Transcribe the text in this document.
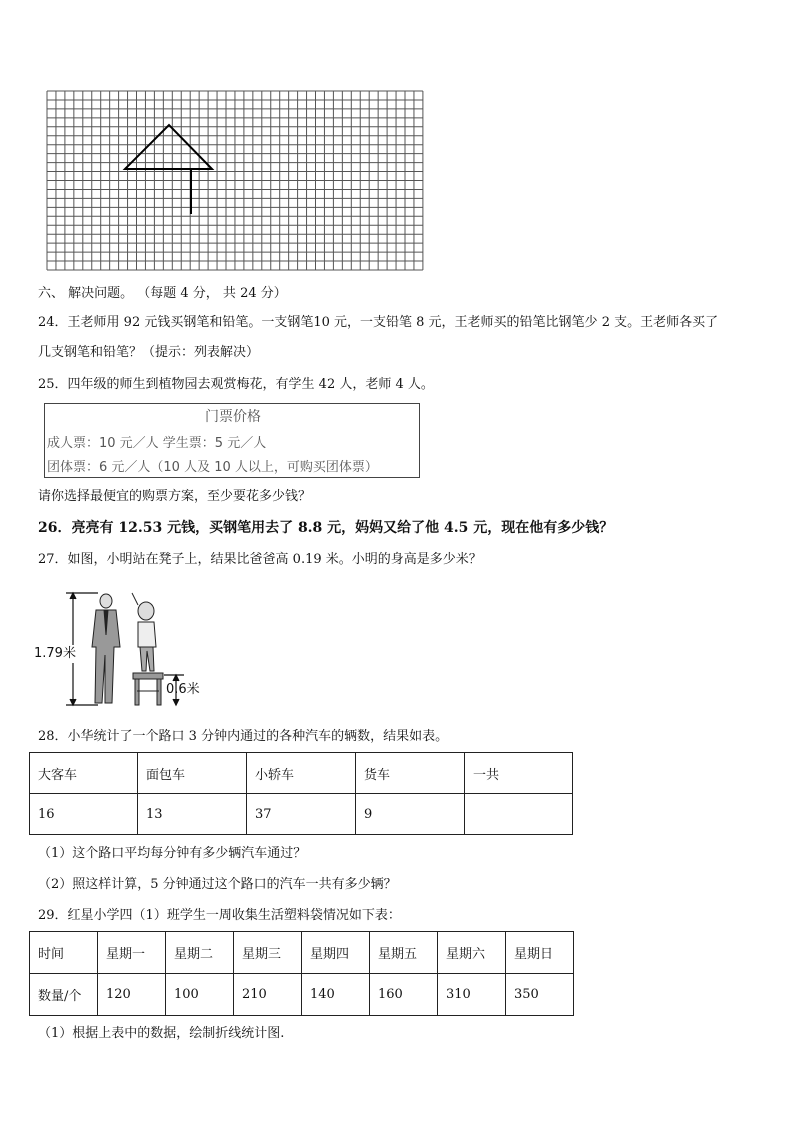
六、 解决问题。 （每题 4 分， 共 24 分）
24．王老师用 92 元钱买钢笔和铅笔。一支钢笔10 元，一支铅笔 8 元，王老师买的铅笔比钢笔少 2 支。王老师各买了
几支钢笔和铅笔？（提示：列表解决）
25．四年级的师生到植物园去观赏梅花，有学生 42 人，老师 4 人。
门票价格
成人票：10 元／人 学生票：5 元／人
团体票：6 元／人（10 人及 10 人以上，可购买团体票）
请你选择最便宜的购票方案，至少要花多少钱？
26．亮亮有 12.53 元钱，买钢笔用去了 8.8 元，妈妈又给了他 4.5 元，现在他有多少钱？
27．如图，小明站在凳子上，结果比爸爸高 0.19 米。小明的身高是多少米？
1.79米
0.6米
28．小华统计了一个路口 3 分钟内通过的各种汽车的辆数，结果如表。
大客车	面包车	小轿车	货车	一共
16	13	37	9	
（1）这个路口平均每分钟有多少辆汽车通过？
（2）照这样计算，5 分钟通过这个路口的汽车一共有多少辆？
29．红星小学四（1）班学生一周收集生活塑料袋情况如下表：
时间	星期一	星期二	星期三	星期四	星期五	星期六	星期日
数量/个	120	100	210	140	160	310	350
（1）根据上表中的数据，绘制折线统计图.
